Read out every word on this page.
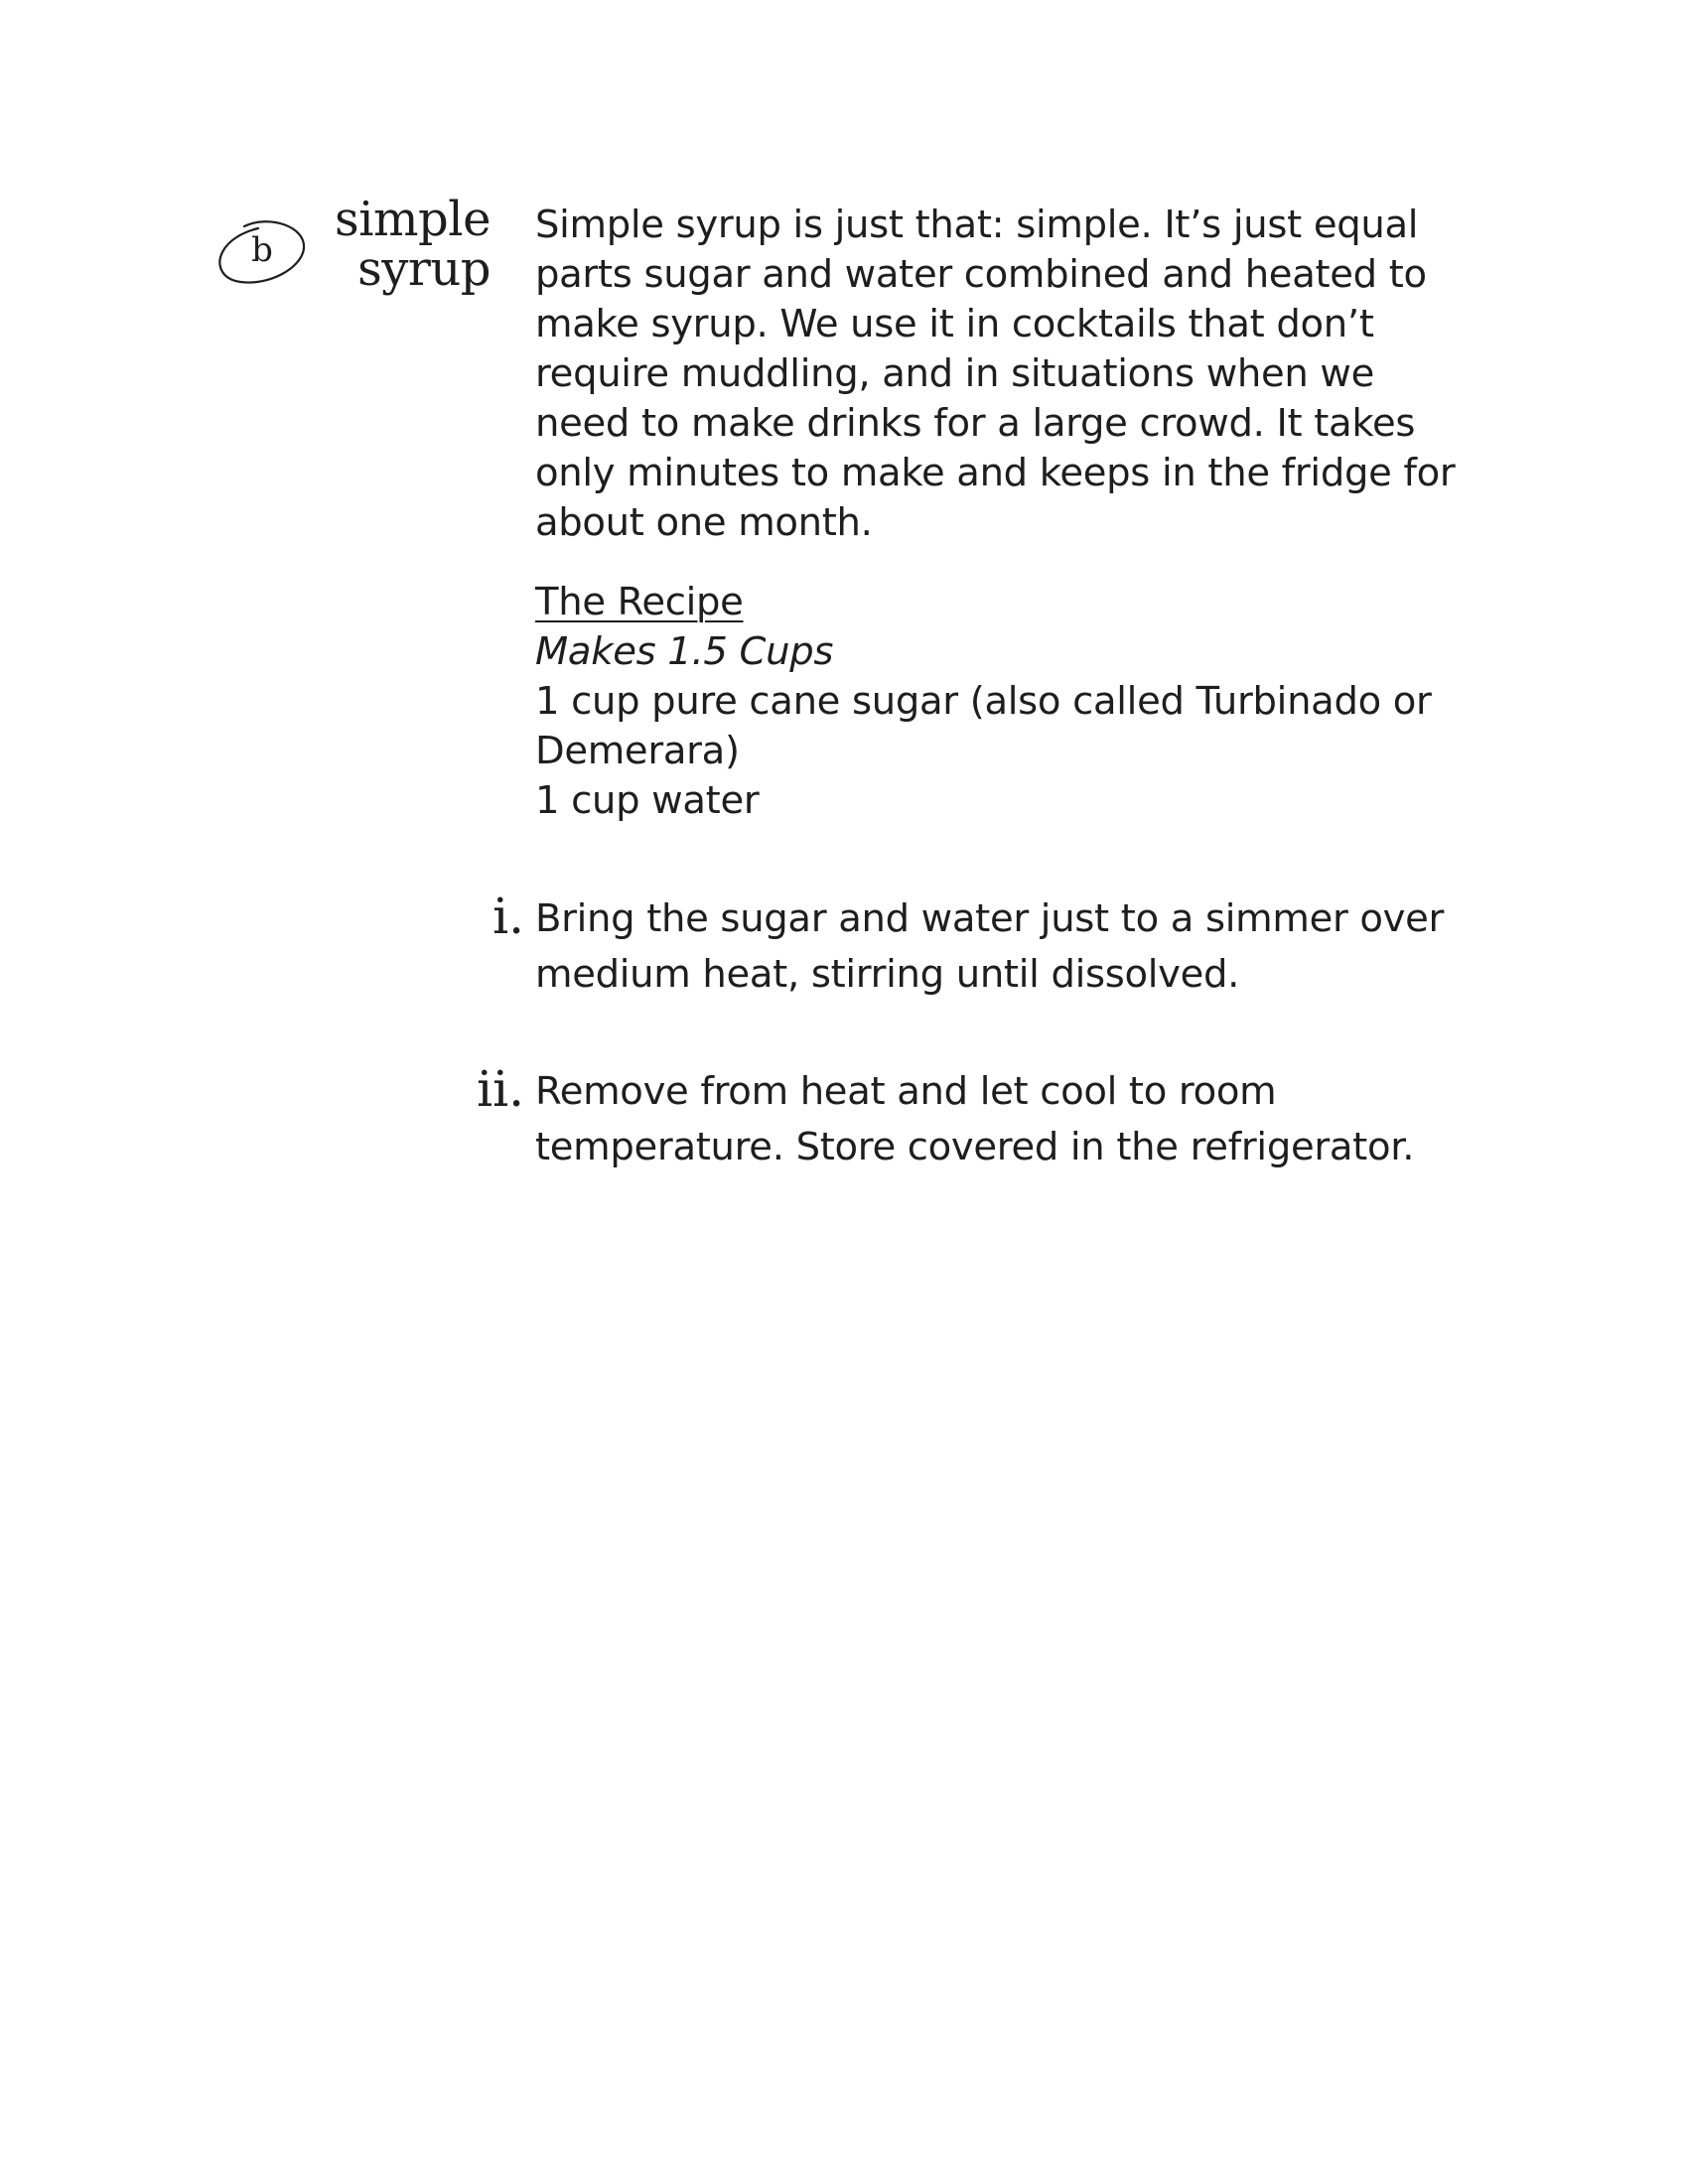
b
simple
syrup

Simple syrup is just that: simple. It’s just equal parts sugar and water combined and heated to make syrup. We use it in cocktails that don’t require muddling, and in situations when we need to make drinks for a large crowd. It takes only minutes to make and keeps in the fridge for about one month.

The Recipe
Makes 1.5 Cups
1 cup pure cane sugar (also called Turbinado or Demerara)
1 cup water
i. Bring the sugar and water just to a simmer over medium heat, stirring until dissolved.
ii. Remove from heat and let cool to room temperature. Store covered in the refrigerator.
